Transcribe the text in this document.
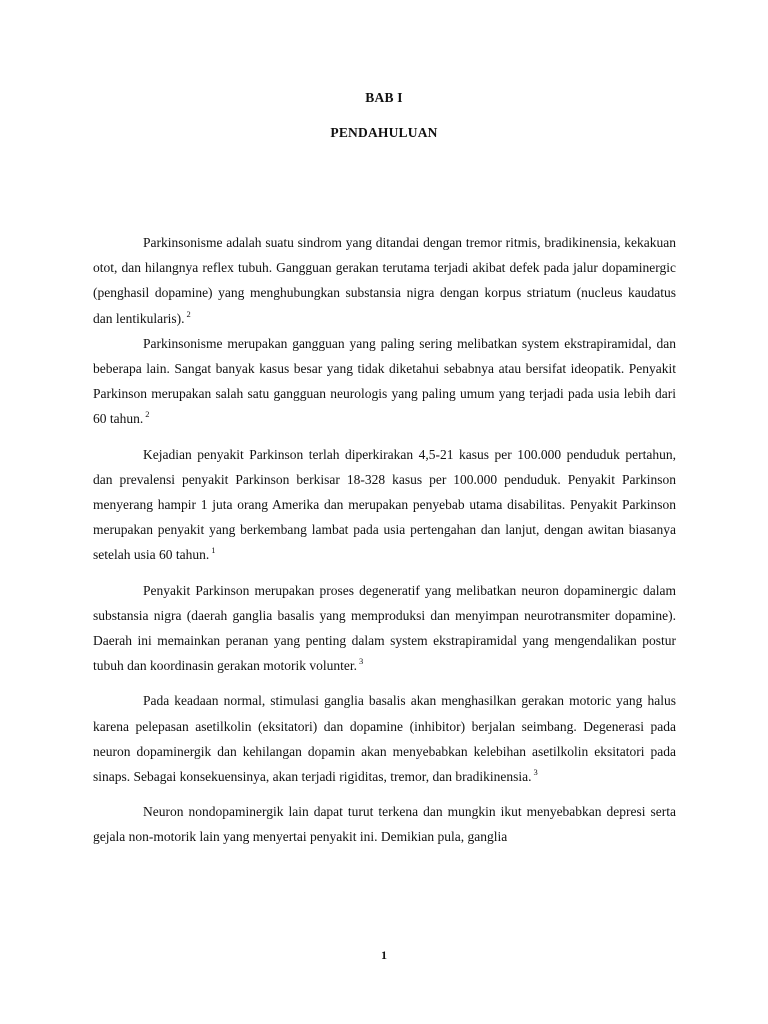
BAB I
PENDAHULUAN

Parkinsonisme adalah suatu sindrom yang ditandai dengan tremor ritmis, bradikinensia, kekakuan otot, dan hilangnya reflex tubuh. Gangguan gerakan terutama terjadi akibat defek pada jalur dopaminergic (penghasil dopamine) yang menghubungkan substansia nigra dengan korpus striatum (nucleus kaudatus dan lentikularis). $^2$

Parkinsonisme merupakan gangguan yang paling sering melibatkan system ekstrapiramidal, dan beberapa lain. Sangat banyak kasus besar yang tidak diketahui sebabnya atau bersifat ideopatik. Penyakit Parkinson merupakan salah satu gangguan neurologis yang paling umum yang terjadi pada usia lebih dari 60 tahun. $^2$

Kejadian penyakit Parkinson terlah diperkirakan 4,5-21 kasus per 100.000 penduduk pertahun, dan prevalensi penyakit Parkinson berkisar 18-328 kasus per 100.000 penduduk. Penyakit Parkinson menyerang hampir 1 juta orang Amerika dan merupakan penyebab utama disabilitas. Penyakit Parkinson merupakan penyakit yang berkembang lambat pada usia pertengahan dan lanjut, dengan awitan biasanya setelah usia 60 tahun. $^1$

Penyakit Parkinson merupakan proses degeneratif yang melibatkan neuron dopaminergic dalam substansia nigra (daerah ganglia basalis yang memproduksi dan menyimpan neurotransmiter dopamine). Daerah ini memainkan peranan yang penting dalam system ekstrapiramidal yang mengendalikan postur tubuh dan koordinasin gerakan motorik volunter. $^3$

Pada keadaan normal, stimulasi ganglia basalis akan menghasilkan gerakan motoric yang halus karena pelepasan asetilkolin (eksitatori) dan dopamine (inhibitor) berjalan seimbang. Degenerasi pada neuron dopaminergik dan kehilangan dopamin akan menyebabkan kelebihan asetilkolin eksitatori pada sinaps. Sebagai konsekuensinya, akan terjadi rigiditas, tremor, dan bradikinensia. $^3$

Neuron nondopaminergik lain dapat turut terkena dan mungkin ikut menyebabkan depresi serta gejala non-motorik lain yang menyertai penyakit ini. Demikian pula, ganglia

1
